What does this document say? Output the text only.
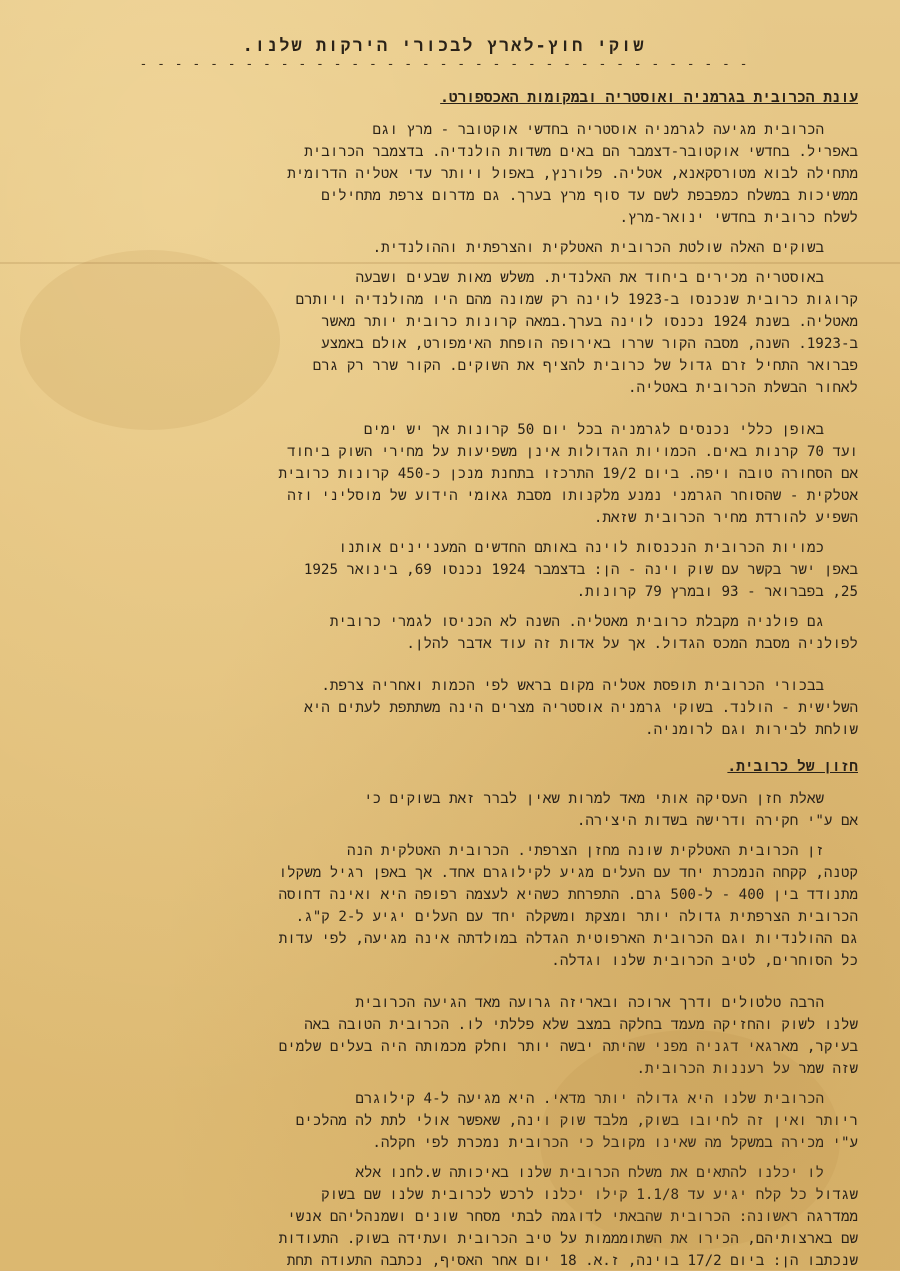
שוקי חוץ-לארץ לבכורי הירקות שלנו.
- - - - - - - - - - - - - - - - - - - - - - - - - - - - - - - - - - -
עונת הכרובית בגרמניה ואוסטריה ובמקומות האכספורט.
הכרובית מגיעה לגרמניה אוסטריה בחדשי אוקטובר - מרץ וגם
באפריל. בחדשי אוקטובר-דצמבר הם באים משדות הולנדיה. בדצמבר הכרובית
מתחילה לבוא מטורסקאנא, אטליה. פלורנץ, באפול ויותר עדי אטליה הדרומית
ממשיכות במשלח כמפבפת לשם עד סוף מרץ בערך. גם מדרום צרפת מתחילים
לשלח כרובית בחדשי ינואר-מרץ.
בשוקים האלה שולטת הכרובית האטלקית והצרפתית וההולנדית.
באוסטריה מכירים ביחוד את האלנדית. משלש מאות שבעים ושבעה
קרוגות כרובית שנכנסו ב-1923 לוינה רק שמונה מהם היו מהולנדיה ויותרם
מאטליה. בשנת 1924 נכנסו לוינה בערך.במאה קרונות כרובית יותר מאשר
ב-1923. השנה, מסבה הקור שררו באירופה הופחת האימפורט, אולם באמצע
פברואר התחיל זרם גדול של כרובית להציף את השוקים. הקור שרר רק גרם
לאחור הבשלת הכרובית באטליה.
באופן כללי נכנסים לגרמניה בכל יום 50 קרונות אך יש ימים
ועד 70 קרנות באים. הכמויות הגדולות אינן משפיעות על מחירי השוק ביחוד
אם הסחורה טובה ויפה. ביום 19/2 התרכזו בתחנת מנכן כ-450 קרונות כרובית
אטלקית - שהסוחר הגרמני נמנע מלקנותו מסבת גאומי הידוע של מוסליני וזה
השפיע להורדת מחיר הכרובית שזאת.
כמויות הכרובית הנכנסות לוינה באותם החדשים המעניינים אותנו
באפן ישר בקשר עם שוק וינה - הן: בדצמבר 1924 נכנסו 69, בינואר 1925
25, בפברואר - 93 ובמרץ 79 קרונות.
גם פולניה מקבלת כרובית מאטליה. השנה לא הכניסו לגמרי כרובית
לפולניה מסבת המכס הגדול. אך על אדות זה עוד אדבר להלן.
בבכורי הכרובית תופסת אטליה מקום בראש לפי הכמות ואחריה צרפת.
השלישית - הולנד. בשוקי גרמניה אוסטריה מצרים הינה משתתפת לעתים היא
שולחת לבירות וגם לרומניה.
חזון של כרובית.
שאלת חזן העסיקה אותי מאד למרות שאין לברר זאת בשוקים כי
אם ע"י חקירה ודרישה בשדות היצירה.
זן הכרובית האטלקית שונה מחזן הצרפתי. הכרובית האטלקית הנה
קטנה, קקחה הנמכרת יחד עם העלים מגיע לקילוגרם אחד. אך באפן רגיל משקלו
מתנודד בין 400 - ל-500 גרם. התפרחת כשהיא לעצמה רפופה היא ואינה דחוסה
הכרובית הצרפתית גדולה יותר ומצקת ומשקלה יחד עם העלים יגיע ל-2 ק"ג.
גם ההולנדיות וגם הכרובית הארפוטית הגדלה במולדתה אינה מגיעה, לפי עדות
כל הסוחרים, לטיב הכרובית שלנו וגדלה.
הרבה טלטולים ודרך ארוכה ובאריזה גרועה מאד הגיעה הכרובית
שלנו לשוק והחזיקה מעמד בחלקה במצב שלא פללתי לו. הכרובית הטובה באה
בעיקר, מארגאי דגניה מפני שהיתה יבשה יותר וחלק מכמותה היה בעלים שלמים
שזה שמר על רעננות הכרובית.
הכרובית שלנו היא גדולה יותר מדאי. היא מגיעה ל-4 קילוגרם
ריותר ואין זה לחיובו בשוק, מלבד שוק וינה, שאפשר אולי לתת לה מהלכים
ע"י מכירה במשקל מה שאינו מקובל כי הכרובית נמכרת לפי חקלה.
לו יכלנו להתאים את משלח הכרובית שלנו באיכותה ש.לחנו אלא
שגדול כל קלח יגיע עד 1.1/8 קילו יכלנו לרכש לכרובית שלנו שם בשוק
ממדרגה ראשונה: הכרובית שהבאתי לדוגמה לבתי מסחר שונים ושמנהליהם אנשי
שם בארצותיהם, הכירו את השתומממות על טיב הכרובית ועתידה בשוק. התעודות
שנכתבו הן: ביום 17/2 בוינה, ז.א. 18 יום אחר האסיף, נכתבה התעודה תחת
